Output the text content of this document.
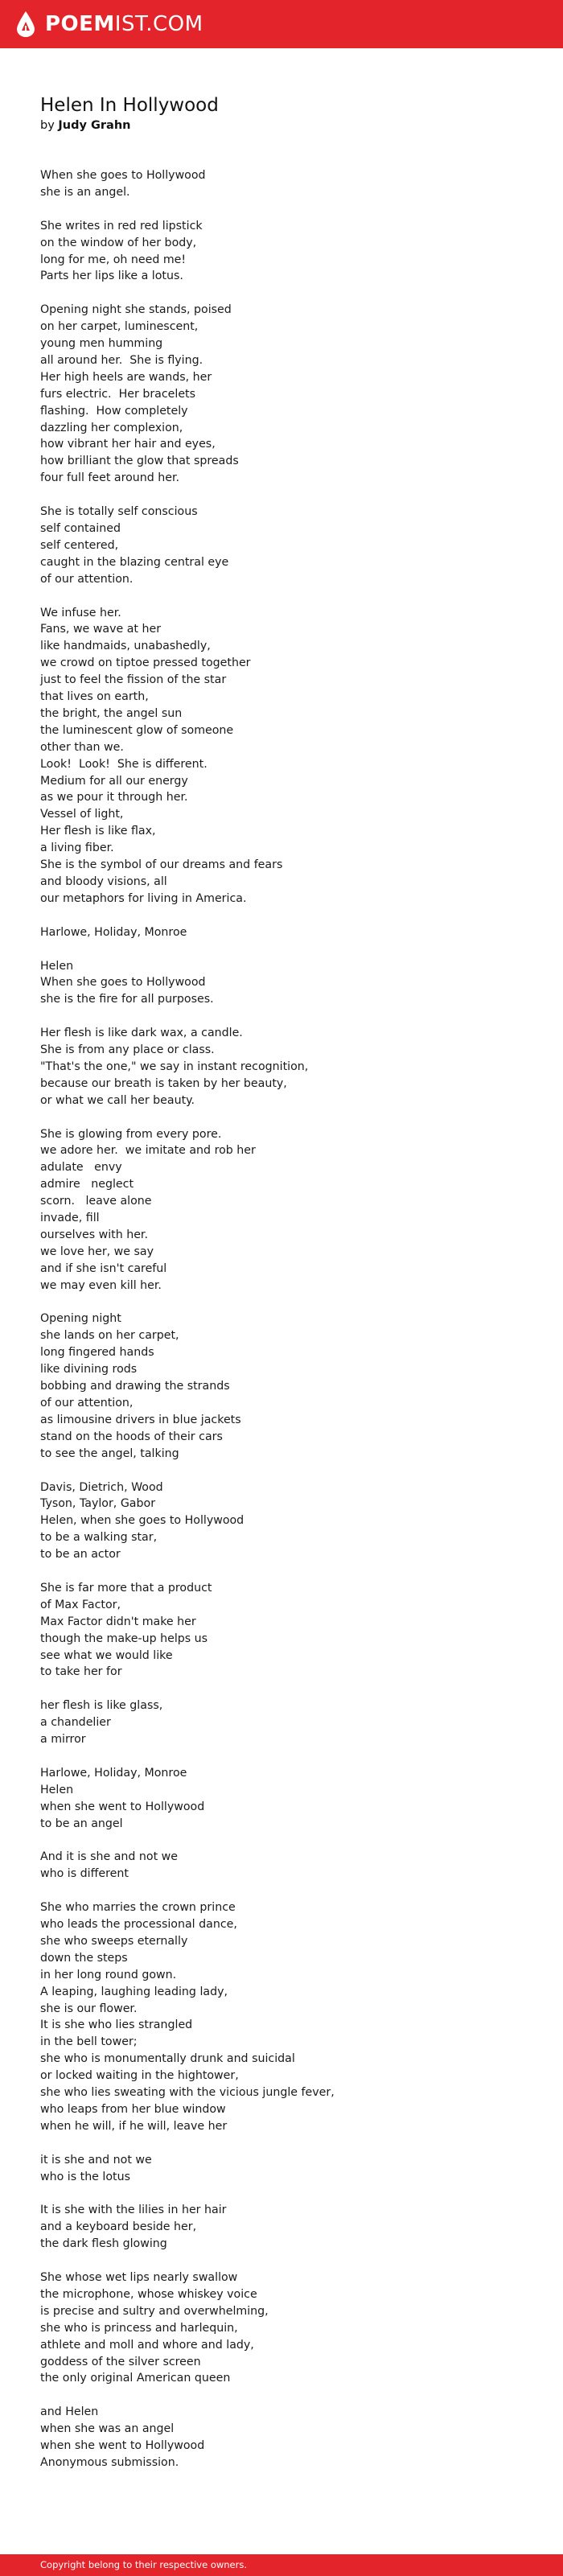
POEMIST.COM
Helen In Hollywood

by Judy Grahn

When she goes to Hollywood
she is an angel.

She writes in red red lipstick
on the window of her body,
long for me, oh need me!
Parts her lips like a lotus.

Opening night she stands, poised
on her carpet, luminescent,
young men humming
all around her.  She is flying.
Her high heels are wands, her
furs electric.  Her bracelets
flashing.  How completely
dazzling her complexion,
how vibrant her hair and eyes,
how brilliant the glow that spreads
four full feet around her.

She is totally self conscious
self contained
self centered,
caught in the blazing central eye
of our attention.

We infuse her.
Fans, we wave at her
like handmaids, unabashedly,
we crowd on tiptoe pressed together
just to feel the fission of the star
that lives on earth,
the bright, the angel sun
the luminescent glow of someone
other than we.
Look!  Look!  She is different.
Medium for all our energy
as we pour it through her.
Vessel of light,
Her flesh is like flax,
a living fiber.
She is the symbol of our dreams and fears
and bloody visions, all
our metaphors for living in America.

Harlowe, Holiday, Monroe

Helen
When she goes to Hollywood
she is the fire for all purposes.

Her flesh is like dark wax, a candle.
She is from any place or class.
"That's the one," we say in instant recognition,
because our breath is taken by her beauty,
or what we call her beauty.

She is glowing from every pore.
we adore her.  we imitate and rob her
adulate   envy
admire   neglect
scorn.   leave alone
invade, fill
ourselves with her.
we love her, we say
and if she isn't careful
we may even kill her.

Opening night
she lands on her carpet,
long fingered hands
like divining rods
bobbing and drawing the strands
of our attention,
as limousine drivers in blue jackets
stand on the hoods of their cars
to see the angel, talking

Davis, Dietrich, Wood
Tyson, Taylor, Gabor
Helen, when she goes to Hollywood
to be a walking star,
to be an actor

She is far more that a product
of Max Factor,
Max Factor didn't make her
though the make-up helps us
see what we would like
to take her for

her flesh is like glass,
a chandelier
a mirror

Harlowe, Holiday, Monroe
Helen
when she went to Hollywood
to be an angel

And it is she and not we
who is different

She who marries the crown prince
who leads the processional dance,
she who sweeps eternally
down the steps
in her long round gown.
A leaping, laughing leading lady,
she is our flower.
It is she who lies strangled
in the bell tower;
she who is monumentally drunk and suicidal
or locked waiting in the hightower,
she who lies sweating with the vicious jungle fever,
who leaps from her blue window
when he will, if he will, leave her

it is she and not we
who is the lotus

It is she with the lilies in her hair
and a keyboard beside her,
the dark flesh glowing

She whose wet lips nearly swallow
the microphone, whose whiskey voice
is precise and sultry and overwhelming,
she who is princess and harlequin,
athlete and moll and whore and lady,
goddess of the silver screen
the only original American queen

and Helen
when she was an angel
when she went to Hollywood
Anonymous submission.

Copyright belong to their respective owners.
